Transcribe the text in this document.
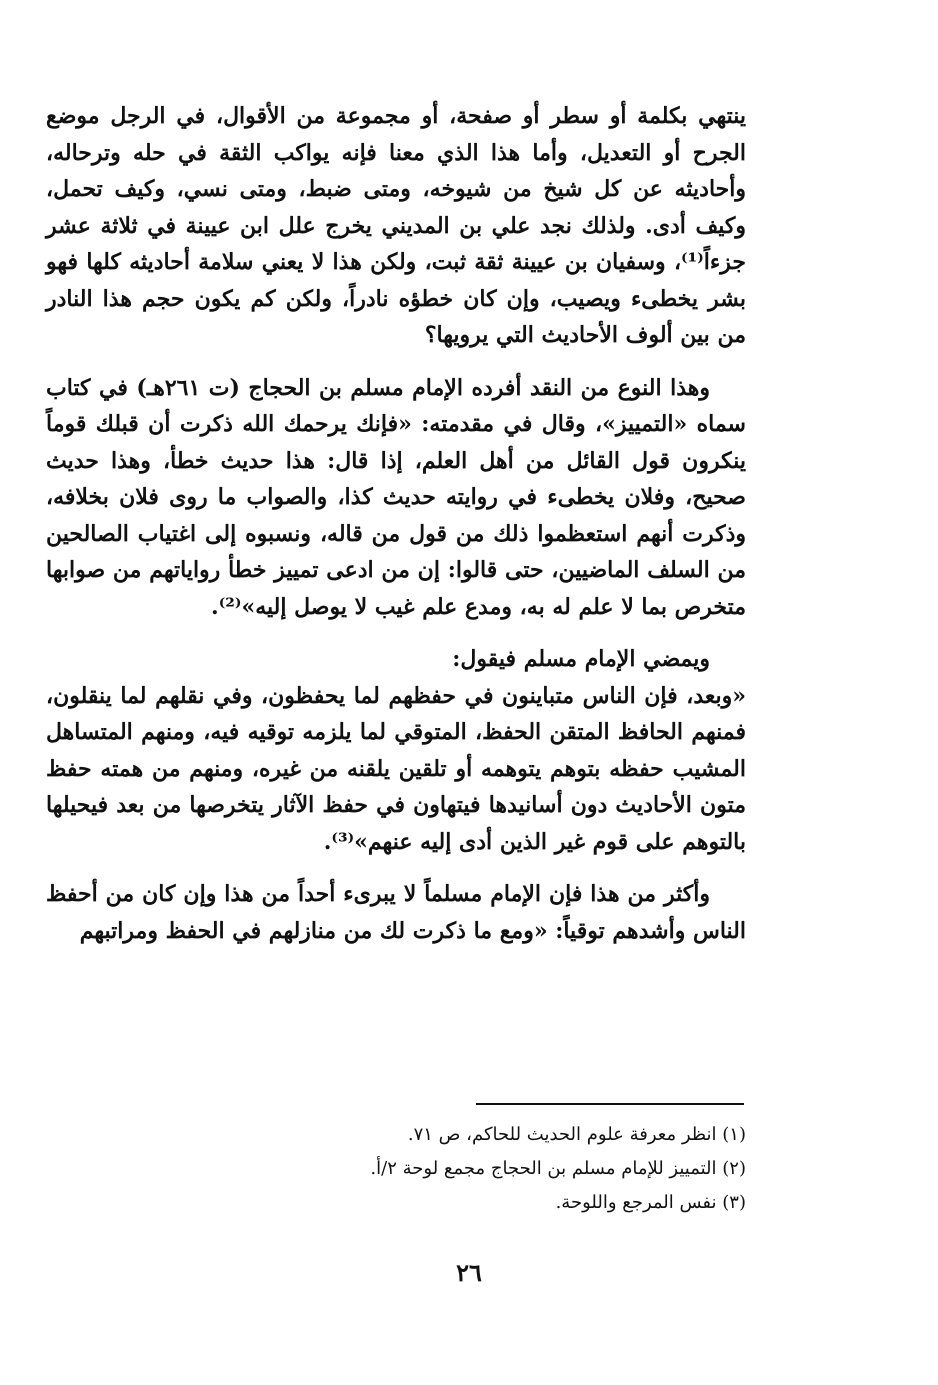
ينتهي بكلمة أو سطر أو صفحة، أو مجموعة من الأقوال، في الرجل موضع الجرح أو التعديل، وأما هذا الذي معنا فإنه يواكب الثقة في حله وترحاله، وأحاديثه عن كل شيخ من شيوخه، ومتى ضبط، ومتى نسي، وكيف تحمل، وكيف أدى. ولذلك نجد علي بن المديني يخرج علل ابن عيينة في ثلاثة عشر جزءاً⁽¹⁾، وسفيان بن عيينة ثقة ثبت، ولكن هذا لا يعني سلامة أحاديثه كلها فهو بشر يخطىء ويصيب، وإن كان خطؤه نادراً، ولكن كم يكون حجم هذا النادر من بين ألوف الأحاديث التي يرويها؟

وهذا النوع من النقد أفرده الإمام مسلم بن الحجاج (ت ٢٦١هـ) في كتاب سماه «التمييز»، وقال في مقدمته: «فإنك يرحمك الله ذكرت أن قبلك قوماً ينكرون قول القائل من أهل العلم، إذا قال: هذا حديث خطأ، وهذا حديث صحيح، وفلان يخطىء في روايته حديث كذا، والصواب ما روى فلان بخلافه، وذكرت أنهم استعظموا ذلك من قول من قاله، ونسبوه إلى اغتياب الصالحين من السلف الماضيين، حتى قالوا: إن من ادعى تمييز خطأ رواياتهم من صوابها متخرص بما لا علم له به، ومدع علم غيب لا يوصل إليه»⁽²⁾.

ويمضي الإمام مسلم فيقول:

«وبعد، فإن الناس متباينون في حفظهم لما يحفظون، وفي نقلهم لما ينقلون، فمنهم الحافظ المتقن الحفظ، المتوقي لما يلزمه توقيه فيه، ومنهم المتساهل المشيب حفظه بتوهم يتوهمه أو تلقين يلقنه من غيره، ومنهم من همته حفظ متون الأحاديث دون أسانيدها فيتهاون في حفظ الآثار يتخرصها من بعد فيحيلها بالتوهم على قوم غير الذين أدى إليه عنهم»⁽³⁾.

وأكثر من هذا فإن الإمام مسلماً لا يبرىء أحداً من هذا وإن كان من أحفظ الناس وأشدهم توقياً: «ومع ما ذكرت لك من منازلهم في الحفظ ومراتبهم

(١) انظر معرفة علوم الحديث للحاكم، ص ٧١.

(٢) التمييز للإمام مسلم بن الحجاج مجمع لوحة ٢/أ.

(٣) نفس المرجع واللوحة.

٢٦
